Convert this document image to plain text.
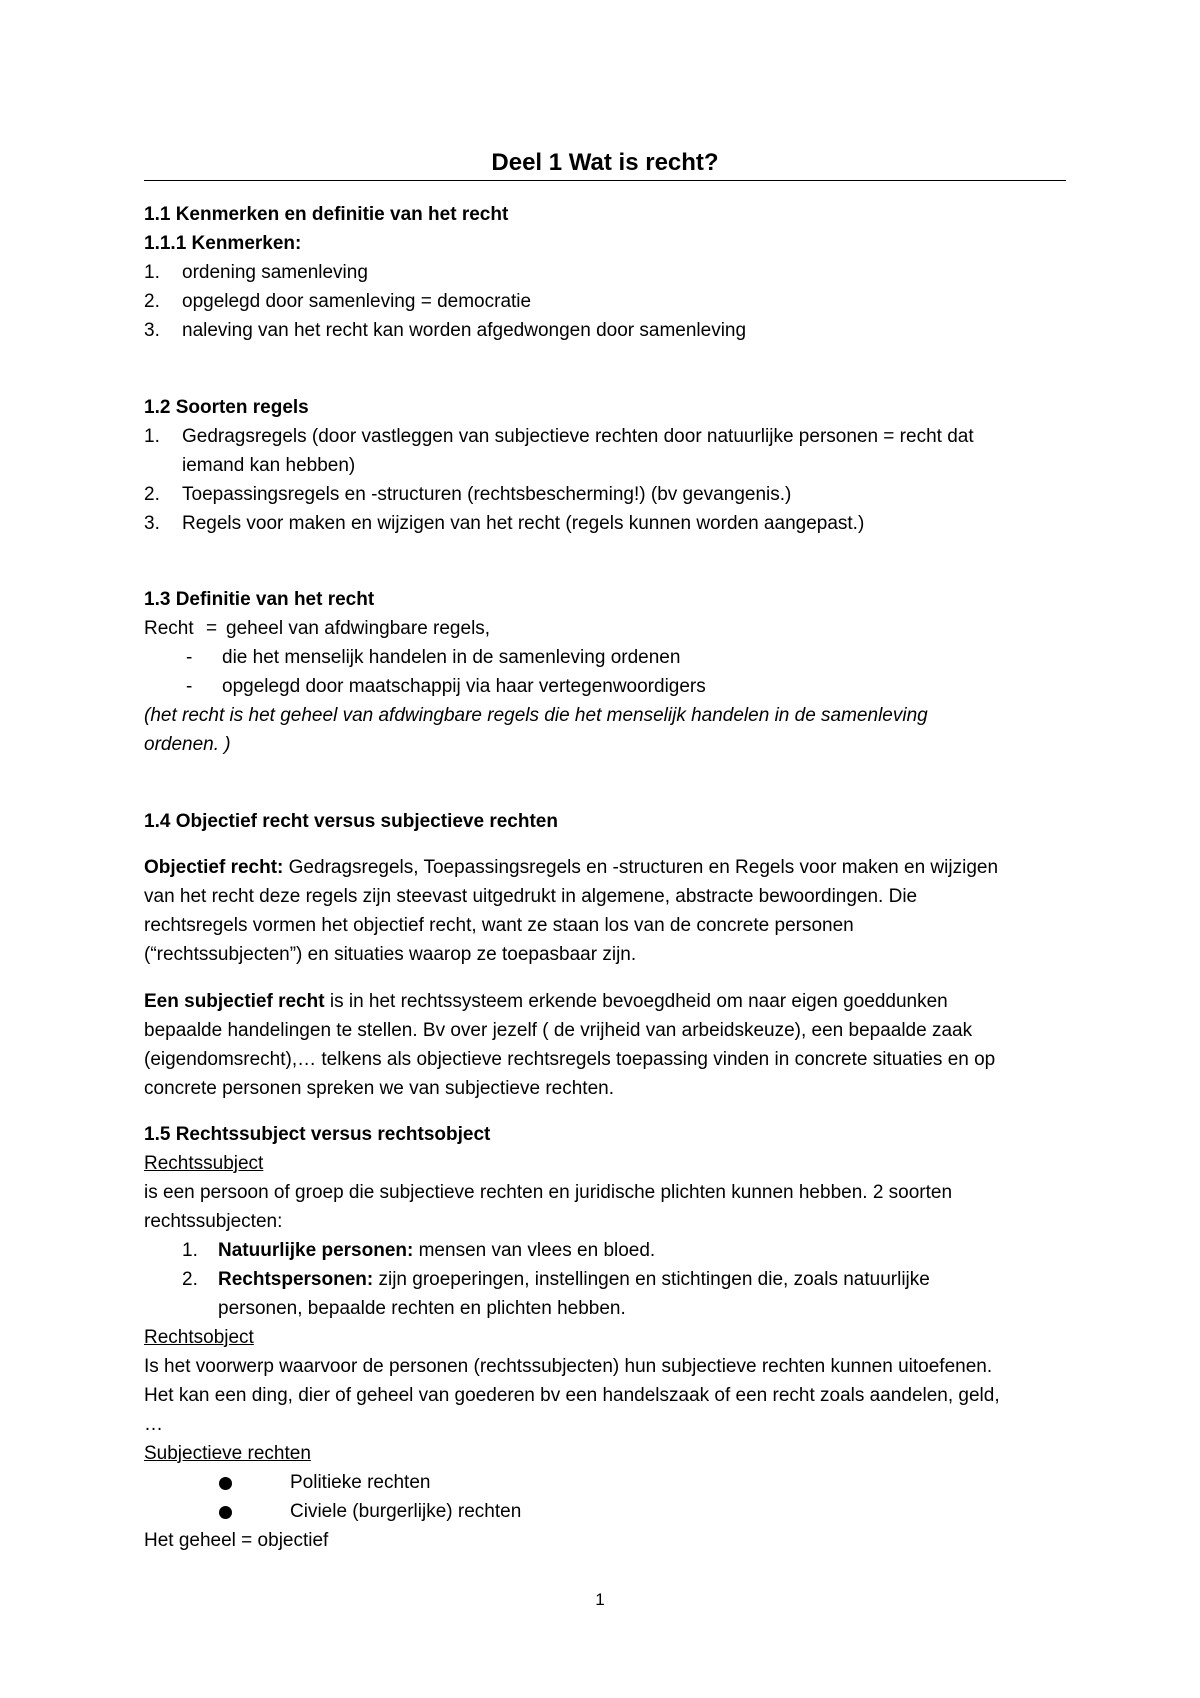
Deel 1 Wat is recht?
1.1 Kenmerken en definitie van het recht
1.1.1 Kenmerken:
1. ordening samenleving
2. opgelegd door samenleving = democratie
3. naleving van het recht kan worden afgedwongen door samenleving
1.2 Soorten regels
1. Gedragsregels (door vastleggen van subjectieve rechten door natuurlijke personen = recht dat
iemand kan hebben)
2. Toepassingsregels en -structuren (rechtsbescherming!) (bv gevangenis.)
3. Regels voor maken en wijzigen van het recht (regels kunnen worden aangepast.)
1.3 Definitie van het recht
Recht = geheel van afdwingbare regels,
- die het menselijk handelen in de samenleving ordenen
- opgelegd door maatschappij via haar vertegenwoordigers
(het recht is het geheel van afdwingbare regels die het menselijk handelen in de samenleving
ordenen. )
1.4 Objectief recht versus subjectieve rechten
Objectief recht: Gedragsregels, Toepassingsregels en -structuren en Regels voor maken en wijzigen
van het recht deze regels zijn steevast uitgedrukt in algemene, abstracte bewoordingen. Die
rechtsregels vormen het objectief recht, want ze staan los van de concrete personen
(“rechtssubjecten”) en situaties waarop ze toepasbaar zijn.
Een subjectief recht is in het rechtssysteem erkende bevoegdheid om naar eigen goeddunken
bepaalde handelingen te stellen. Bv over jezelf ( de vrijheid van arbeidskeuze), een bepaalde zaak
(eigendomsrecht),… telkens als objectieve rechtsregels toepassing vinden in concrete situaties en op
concrete personen spreken we van subjectieve rechten.
1.5 Rechtssubject versus rechtsobject
Rechtssubject
is een persoon of groep die subjectieve rechten en juridische plichten kunnen hebben. 2 soorten
rechtssubjecten:
1. Natuurlijke personen: mensen van vlees en bloed.
2. Rechtspersonen: zijn groeperingen, instellingen en stichtingen die, zoals natuurlijke
personen, bepaalde rechten en plichten hebben.
Rechtsobject
Is het voorwerp waarvoor de personen (rechtssubjecten) hun subjectieve rechten kunnen uitoefenen.
Het kan een ding, dier of geheel van goederen bv een handelszaak of een recht zoals aandelen, geld,
…
Subjectieve rechten
Politieke rechten
Civiele (burgerlijke) rechten
Het geheel = objectief
1
